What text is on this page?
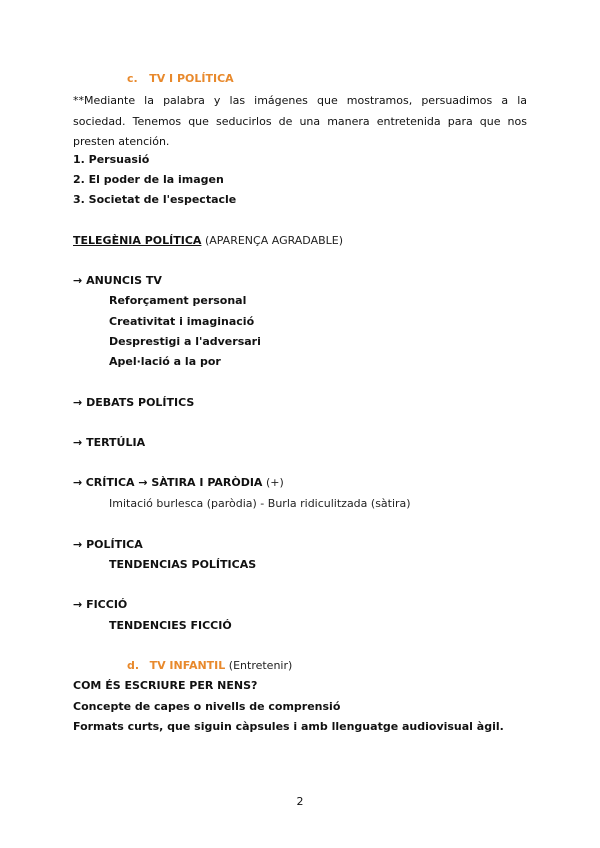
c. TV I POLÍTICA
**Mediante la palabra y las imágenes que mostramos, persuadimos a la sociedad. Tenemos que seducirlos de una manera entretenida para que nos presten atención.
1. Persuasió
2. El poder de la imagen
3. Societat de l'espectacle
TELEGÈNIA POLÍTICA (APARENÇA AGRADABLE)
→ ANUNCIS TV
Reforçament personal
Creativitat i imaginació
Desprestigi a l'adversari
Apel·lació a la por
→ DEBATS POLÍTICS
→ TERTÚLIA
→ CRÍTICA → SÀTIRA I PARÒDIA (+)
Imitació burlesca (paròdia) - Burla ridiculitzada (sàtira)
→ POLÍTICA
TENDENCIAS POLÍTICAS
→ FICCIÓ
TENDENCIES FICCIÓ
d. TV INFANTIL (Entretenir)
COM ÉS ESCRIURE PER NENS?
Concepte de capes o nivells de comprensió
Formats curts, que siguin càpsules i amb llenguatge audiovisual àgil.
2
